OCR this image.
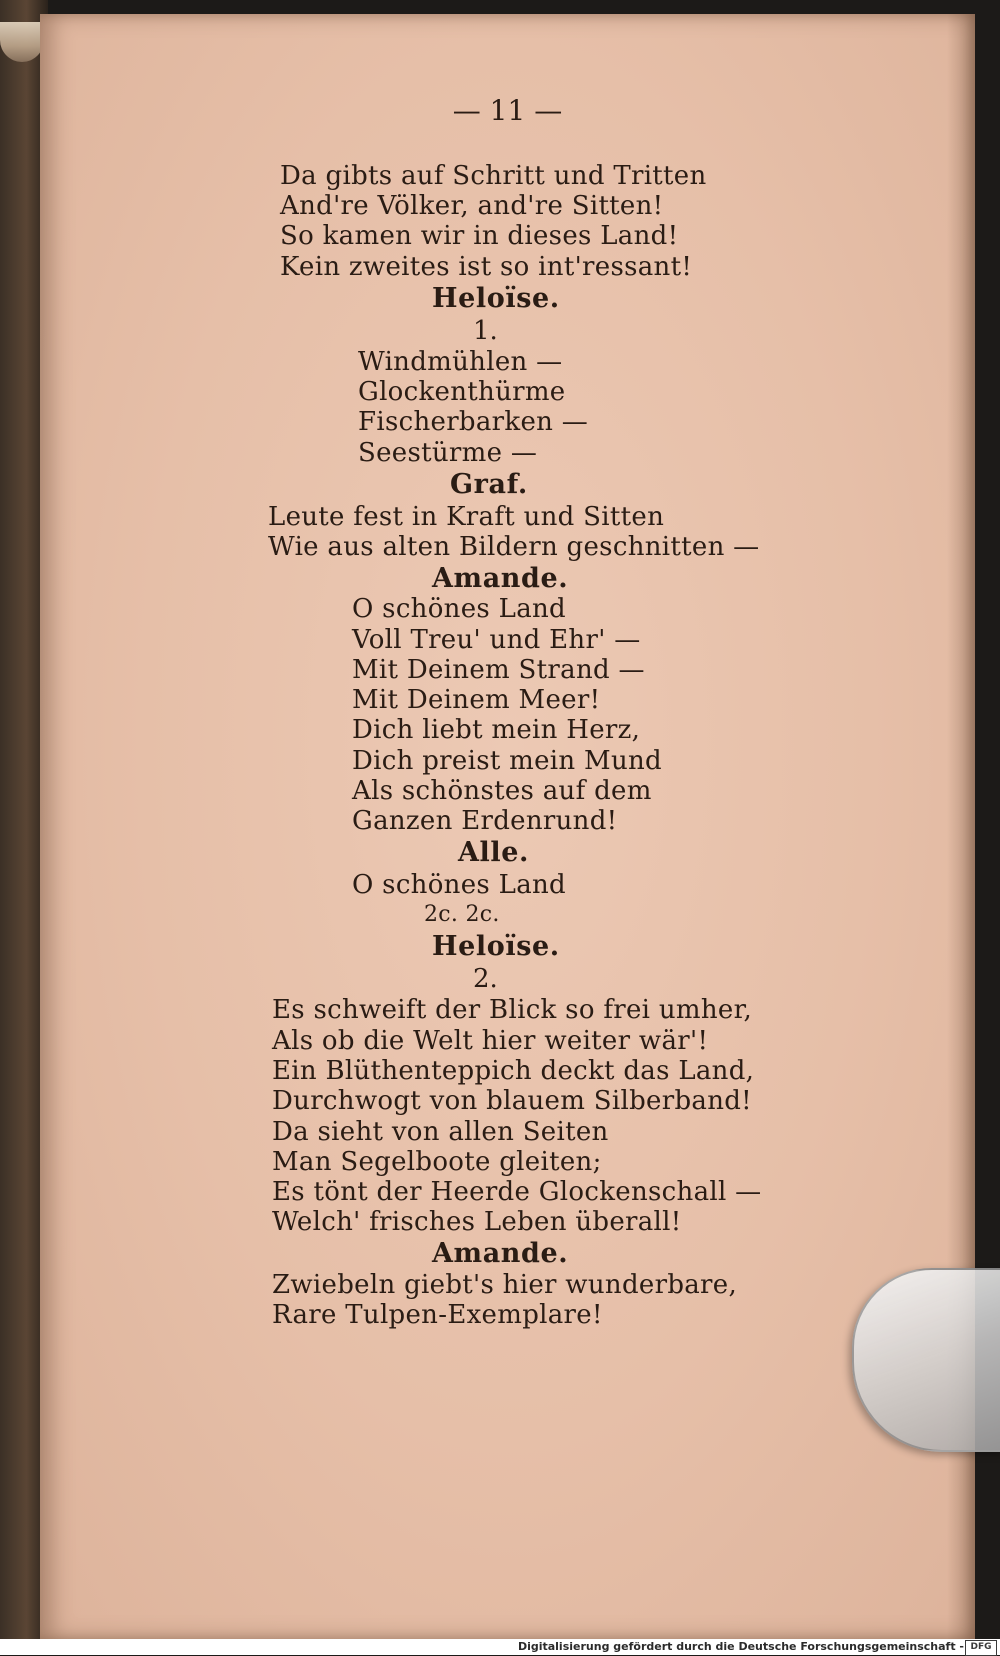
— 11 —
Da gibts auf Schritt und Tritten
And're Völker, and're Sitten!
So kamen wir in dieses Land!
Kein zweites ist so int'ressant!
Heloïse.
1.
Windmühlen —
Glockenthürme
Fischerbarken —
Seestürme —
Graf.
Leute fest in Kraft und Sitten
Wie aus alten Bildern geschnitten —
Amande.
O schönes Land
Voll Treu' und Ehr' —
Mit Deinem Strand —
Mit Deinem Meer!
Dich liebt mein Herz,
Dich preist mein Mund
Als schönstes auf dem
Ganzen Erdenrund!
Alle.
O schönes Land
2c. 2c.
Heloïse.
2.
Es schweift der Blick so frei umher,
Als ob die Welt hier weiter wär'!
Ein Blüthenteppich deckt das Land,
Durchwogt von blauem Silberband!
Da sieht von allen Seiten
Man Segelboote gleiten;
Es tönt der Heerde Glockenschall —
Welch' frisches Leben überall!
Amande.
Zwiebeln giebt's hier wunderbare,
Rare Tulpen-Exemplare!
Digitalisierung gefördert durch die Deutsche Forschungsgemeinschaft - DFG
